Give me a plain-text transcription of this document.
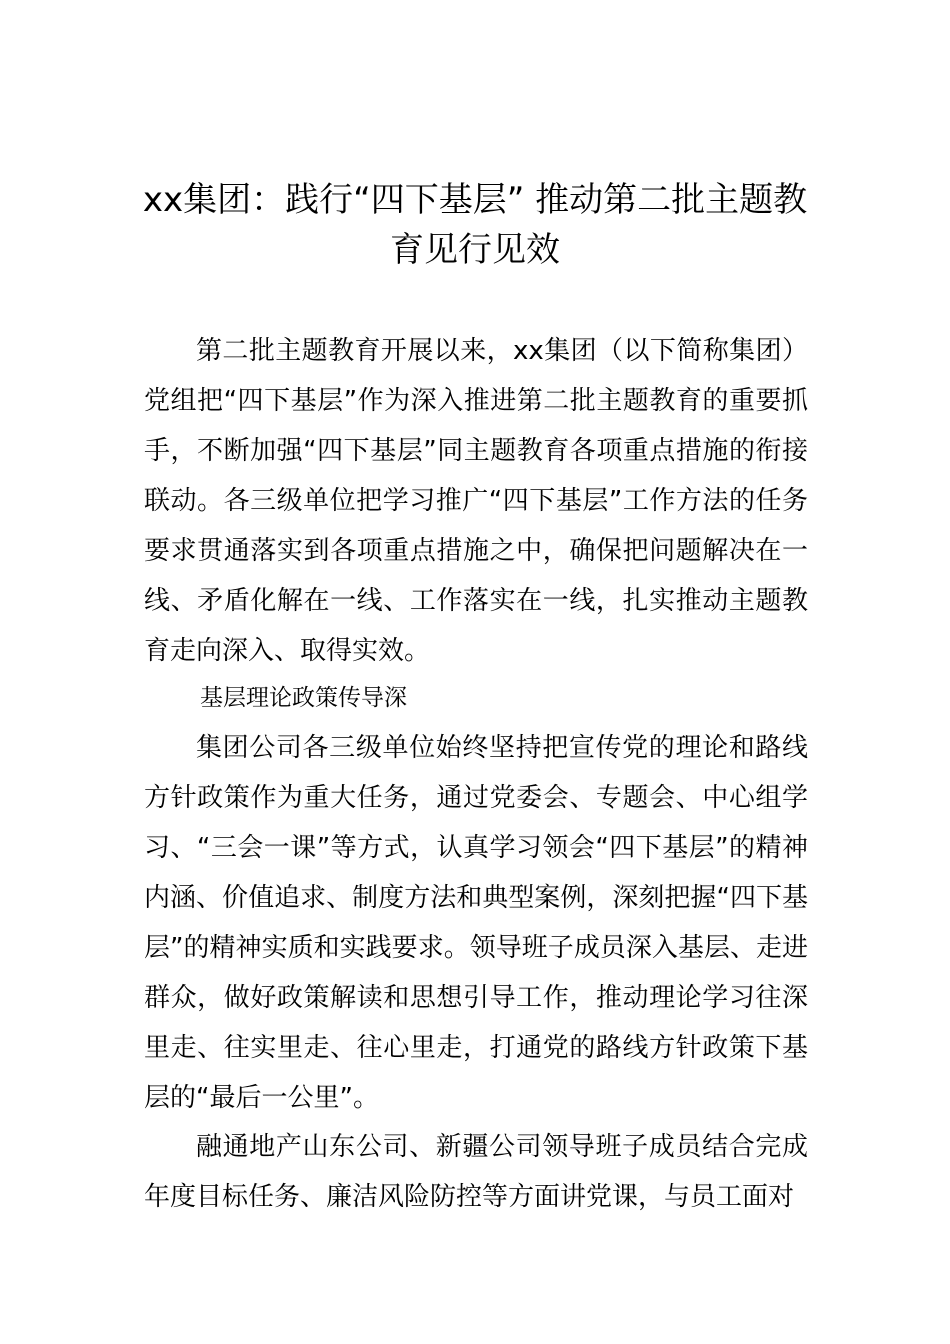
xx集团：践行“四下基层” 推动第二批主题教育见行见效

第二批主题教育开展以来，xx集团（以下简称集团）党组把“四下基层”作为深入推进第二批主题教育的重要抓手，不断加强“四下基层”同主题教育各项重点措施的衔接联动。各三级单位把学习推广“四下基层”工作方法的任务要求贯通落实到各项重点措施之中，确保把问题解决在一线、矛盾化解在一线、工作落实在一线，扎实推动主题教育走向深入、取得实效。

基层理论政策传导深

集团公司各三级单位始终坚持把宣传党的理论和路线方针政策作为重大任务，通过党委会、专题会、中心组学习、“三会一课”等方式，认真学习领会“四下基层”的精神内涵、价值追求、制度方法和典型案例，深刻把握“四下基层”的精神实质和实践要求。领导班子成员深入基层、走进群众，做好政策解读和思想引导工作，推动理论学习往深里走、往实里走、往心里走，打通党的路线方针政策下基层的“最后一公里”。

融通地产山东公司、新疆公司领导班子成员结合完成年度目标任务、廉洁风险防控等方面讲党课，与员工面对
